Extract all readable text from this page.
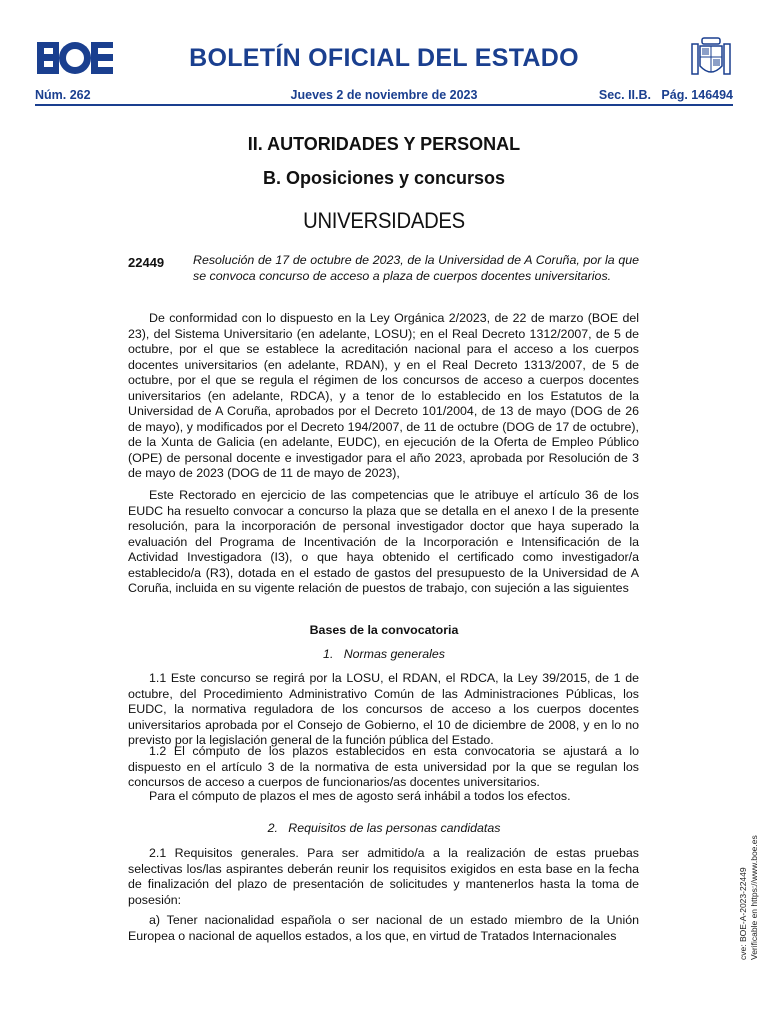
BOLETÍN OFICIAL DEL ESTADO
Núm. 262	Jueves 2 de noviembre de 2023	Sec. II.B.   Pág. 146494
II. AUTORIDADES Y PERSONAL
B. Oposiciones y concursos
UNIVERSIDADES
22449 Resolución de 17 de octubre de 2023, de la Universidad de A Coruña, por la que se convoca concurso de acceso a plaza de cuerpos docentes universitarios.
De conformidad con lo dispuesto en la Ley Orgánica 2/2023, de 22 de marzo (BOE del 23), del Sistema Universitario (en adelante, LOSU); en el Real Decreto 1312/2007, de 5 de octubre, por el que se establece la acreditación nacional para el acceso a los cuerpos docentes universitarios (en adelante, RDAN), y en el Real Decreto 1313/2007, de 5 de octubre, por el que se regula el régimen de los concursos de acceso a cuerpos docentes universitarios (en adelante, RDCA), y a tenor de lo establecido en los Estatutos de la Universidad de A Coruña, aprobados por el Decreto 101/2004, de 13 de mayo (DOG de 26 de mayo), y modificados por el Decreto 194/2007, de 11 de octubre (DOG de 17 de octubre), de la Xunta de Galicia (en adelante, EUDC), en ejecución de la Oferta de Empleo Público (OPE) de personal docente e investigador para el año 2023, aprobada por Resolución de 3 de mayo de 2023 (DOG de 11 de mayo de 2023),
Este Rectorado en ejercicio de las competencias que le atribuye el artículo 36 de los EUDC ha resuelto convocar a concurso la plaza que se detalla en el anexo I de la presente resolución, para la incorporación de personal investigador doctor que haya superado la evaluación del Programa de Incentivación de la Incorporación e Intensificación de la Actividad Investigadora (I3), o que haya obtenido el certificado como investigador/a establecido/a (R3), dotada en el estado de gastos del presupuesto de la Universidad de A Coruña, incluida en su vigente relación de puestos de trabajo, con sujeción a las siguientes
Bases de la convocatoria
1.   Normas generales
1.1 Este concurso se regirá por la LOSU, el RDAN, el RDCA, la Ley 39/2015, de 1 de octubre, del Procedimiento Administrativo Común de las Administraciones Públicas, los EUDC, la normativa reguladora de los concursos de acceso a los cuerpos docentes universitarios aprobada por el Consejo de Gobierno, el 10 de diciembre de 2008, y en lo no previsto por la legislación general de la función pública del Estado.
1.2 El cómputo de los plazos establecidos en esta convocatoria se ajustará a lo dispuesto en el artículo 3 de la normativa de esta universidad por la que se regulan los concursos de acceso a cuerpos de funcionarios/as docentes universitarios.
Para el cómputo de plazos el mes de agosto será inhábil a todos los efectos.
2.   Requisitos de las personas candidatas
2.1 Requisitos generales. Para ser admitido/a a la realización de estas pruebas selectivas los/las aspirantes deberán reunir los requisitos exigidos en esta base en la fecha de finalización del plazo de presentación de solicitudes y mantenerlos hasta la toma de posesión:
a) Tener nacionalidad española o ser nacional de un estado miembro de la Unión Europea o nacional de aquellos estados, a los que, en virtud de Tratados Internacionales	cve: BOE-A-2023-22449 Verificable en https://www.boe.es
